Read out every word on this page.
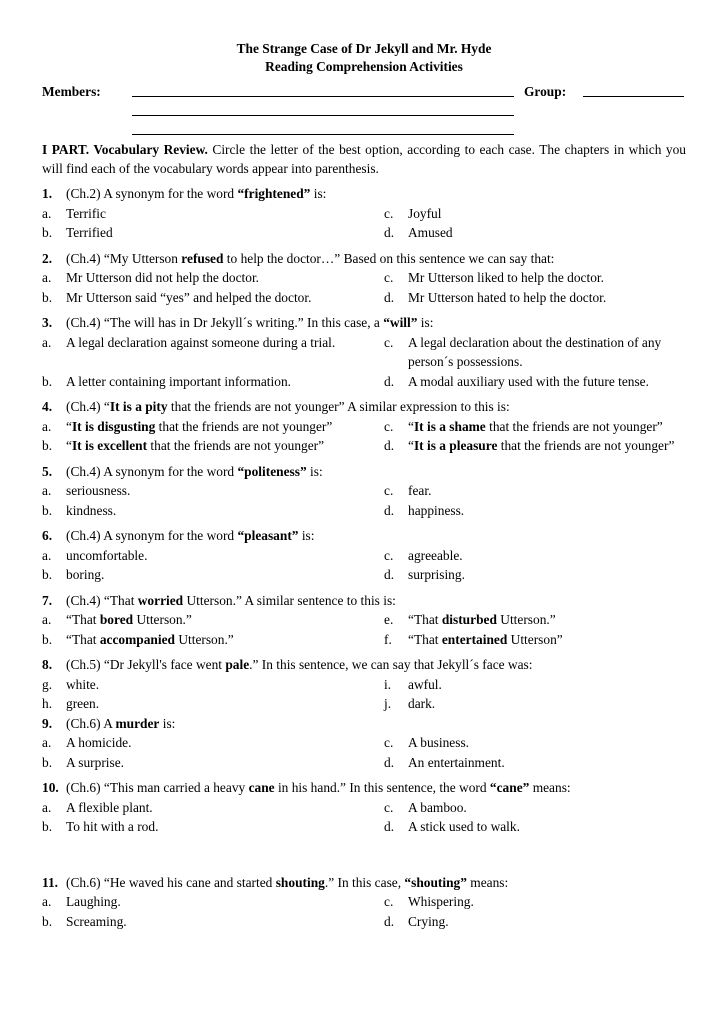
The Strange Case of Dr Jekyll and Mr. Hyde
Reading Comprehension Activities
Members:	Group:
I PART. Vocabulary Review. Circle the letter of the best option, according to each case. The chapters in which you will find each of the vocabulary words appear into parenthesis.
1. (Ch.2) A synonym for the word “frightened” is:
a. Terrific	c. Joyful
b. Terrified	d. Amused
2. (Ch.4) “My Utterson refused to help the doctor…” Based on this sentence we can say that:
a. Mr Utterson did not help the doctor.	c. Mr Utterson liked to help the doctor.
b. Mr Utterson said “yes” and helped the doctor.	d. Mr Utterson hated to help the doctor.
3. (Ch.4) “The will has in Dr Jekyll´s writing.” In this case, a “will” is:
a. A legal declaration against someone during a trial.	c. A legal declaration about the destination of any person´s possessions.
b. A letter containing important information.	d. A modal auxiliary used with the future tense.
4. (Ch.4) “It is a pity that the friends are not younger” A similar expression to this is:
a. “It is disgusting that the friends are not younger”	c. “It is a shame that the friends are not younger”
b. “It is excellent that the friends are not younger”	d. “It is a pleasure that the friends are not younger”
5. (Ch.4) A synonym for the word “politeness” is:
a. seriousness.	c. fear.
b. kindness.	d. happiness.
6. (Ch.4) A synonym for the word “pleasant” is:
a. uncomfortable.	c. agreeable.
b. boring.	d. surprising.
7. (Ch.4) “That worried Utterson.” A similar sentence to this is:
a. “That bored Utterson.”	e. “That disturbed Utterson.”
b. “That accompanied Utterson.”	f. “That entertained Utterson”
8. (Ch.5) “Dr Jekyll's face went pale.” In this sentence, we can say that Jekyll´s face was:
g. white.	i. awful.
h. green.	j. dark.
9. (Ch.6) A murder is:
a. A homicide.	c. A business.
b. A surprise.	d. An entertainment.
10. (Ch.6) “This man carried a heavy cane in his hand.” In this sentence, the word “cane” means:
a. A flexible plant.	c. A bamboo.
b. To hit with a rod.	d. A stick used to walk.
11. (Ch.6) “He waved his cane and started shouting.” In this case, “shouting” means:
a. Laughing.	c. Whispering.
b. Screaming.	d. Crying.
